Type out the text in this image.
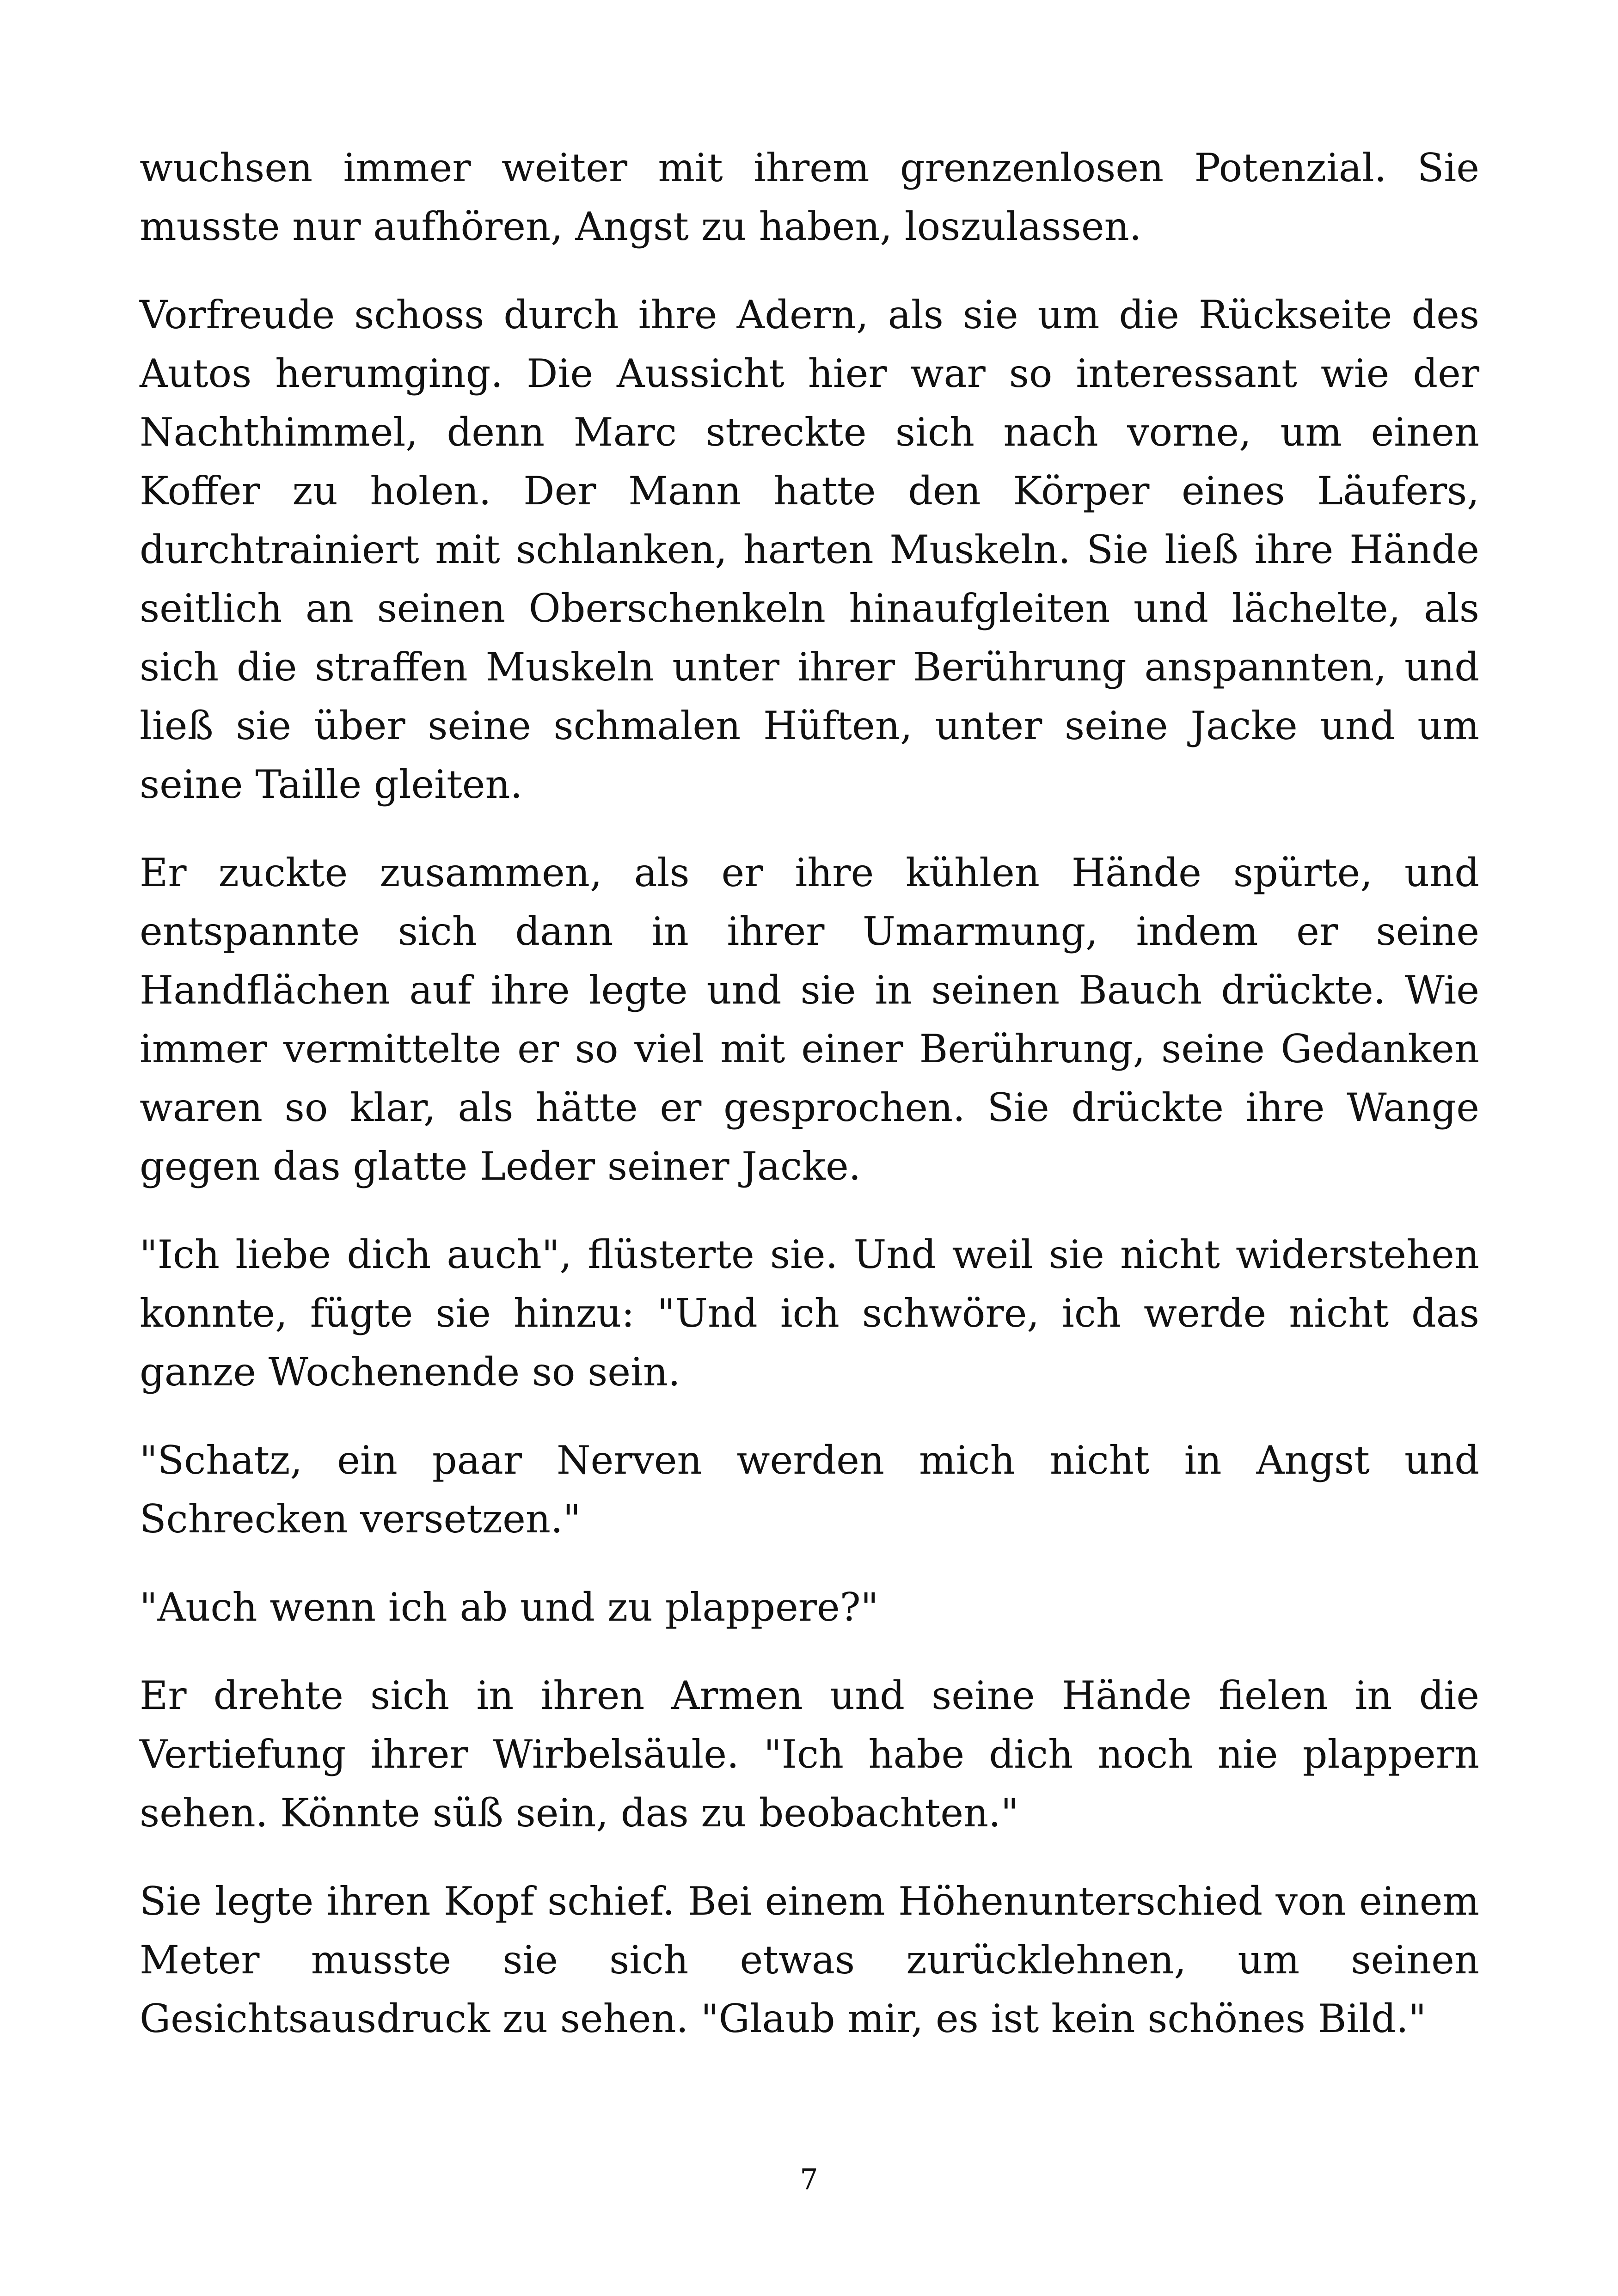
wuchsen immer weiter mit ihrem grenzenlosen Potenzial. Sie musste nur aufhören, Angst zu haben, loszulassen.

Vorfreude schoss durch ihre Adern, als sie um die Rückseite des Autos herumging. Die Aussicht hier war so interessant wie der Nachthimmel, denn Marc streckte sich nach vorne, um einen Koffer zu holen. Der Mann hatte den Körper eines Läufers, durchtrainiert mit schlanken, harten Muskeln. Sie ließ ihre Hände seitlich an seinen Oberschenkeln hinaufgleiten und lächelte, als sich die straffen Muskeln unter ihrer Berührung anspannten, und ließ sie über seine schmalen Hüften, unter seine Jacke und um seine Taille gleiten.

Er zuckte zusammen, als er ihre kühlen Hände spürte, und entspannte sich dann in ihrer Umarmung, indem er seine Handflächen auf ihre legte und sie in seinen Bauch drückte. Wie immer vermittelte er so viel mit einer Berührung, seine Gedanken waren so klar, als hätte er gesprochen. Sie drückte ihre Wange gegen das glatte Leder seiner Jacke.

"Ich liebe dich auch", flüsterte sie. Und weil sie nicht widerstehen konnte, fügte sie hinzu: "Und ich schwöre, ich werde nicht das ganze Wochenende so sein.

"Schatz, ein paar Nerven werden mich nicht in Angst und Schrecken versetzen."

"Auch wenn ich ab und zu plappere?"

Er drehte sich in ihren Armen und seine Hände fielen in die Vertiefung ihrer Wirbelsäule. "Ich habe dich noch nie plappern sehen. Könnte süß sein, das zu beobachten."

Sie legte ihren Kopf schief. Bei einem Höhenunterschied von einem Meter musste sie sich etwas zurücklehnen, um seinen Gesichtsausdruck zu sehen. "Glaub mir, es ist kein schönes Bild."

7
